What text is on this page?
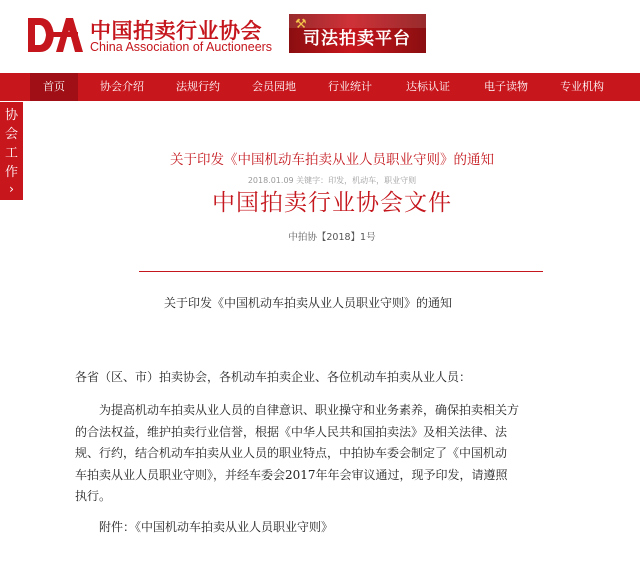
中国拍卖行业协会
China Association of Auctioneers
⚒
司法拍卖平台
首页	协会介绍	法规行约	会员园地	行业统计	达标认证	电子读物	专业机构
协
会
工
作
›
关于印发《中国机动车拍卖从业人员职业守则》的通知
2018.01.09 关键字：印发，机动车，职业守则
中国拍卖行业协会文件
中拍协【2018】1号
关于印发《中国机动车拍卖从业人员职业守则》的通知
各省（区、市）拍卖协会，各机动车拍卖企业、各位机动车拍卖从业人员：
　　为提高机动车拍卖从业人员的自律意识、职业操守和业务素养，确保拍卖相关方
的合法权益，维护拍卖行业信誉，根据《中华人民共和国拍卖法》及相关法律、法
规、行约，结合机动车拍卖从业人员的职业特点，中拍协车委会制定了《中国机动
车拍卖从业人员职业守则》，并经车委会2017年年会审议通过，现予印发，请遵照
执行。
　　附件：《中国机动车拍卖从业人员职业守则》
